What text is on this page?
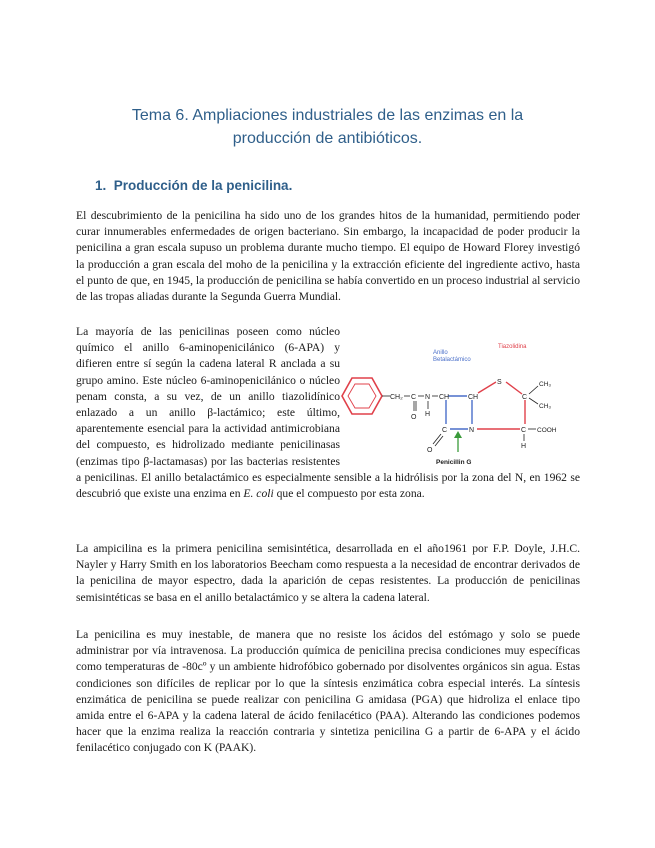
Tema 6. Ampliaciones industriales de las enzimas en la
producción de antibióticos.
1. Producción de la penicilina.

El descubrimiento de la penicilina ha sido uno de los grandes hitos de la humanidad, permitiendo poder curar innumerables enfermedades de origen bacteriano. Sin embargo, la incapacidad de poder producir la penicilina a gran escala supuso un problema durante mucho tiempo. El equipo de Howard Florey investigó la producción a gran escala del moho de la penicilina y la extracción eficiente del ingrediente activo, hasta el punto de que, en 1945, la producción de penicilina se había convertido en un proceso industrial al servicio de las tropas aliadas durante la Segunda Guerra Mundial.

Anillo
Betalactámico
Tiazolidina
CH₂ C
O
N
H
CH	CH
C	N
O
S
C
CH₃
CH₃
C
H
COOH
Penicillin G
La mayoría de las penicilinas poseen como núcleo químico el anillo 6-aminopenicilánico (6-APA) y difieren entre sí según la cadena lateral R anclada a su grupo amino. Este núcleo 6-aminopenicilánico o núcleo penam consta, a su vez, de un anillo tiazolidínico enlazado a un anillo β-lactámico; este último, aparentemente esencial para la actividad antimicrobiana del compuesto, es hidrolizado mediante penicilinasas (enzimas tipo β-lactamasas) por las bacterias resistentes a penicilinas. El anillo betalactámico es especialmente sensible a la hidrólisis por la zona del N, en 1962 se descubrió que existe una enzima en E. coli que el compuesto por esta zona.

La ampicilina es la primera penicilina semisintética, desarrollada en el año1961 por F.P. Doyle, J.H.C. Nayler y Harry Smith en los laboratorios Beecham como respuesta a la necesidad de encontrar derivados de la penicilina de mayor espectro, dada la aparición de cepas resistentes. La producción de penicilinas semisintéticas se basa en el anillo betalactámico y se altera la cadena lateral.

La penicilina es muy inestable, de manera que no resiste los ácidos del estómago y solo se puede administrar por vía intravenosa. La producción química de penicilina precisa condiciones muy específicas como temperaturas de -80cº y un ambiente hidrofóbico gobernado por disolventes orgánicos sin agua. Estas condiciones son difíciles de replicar por lo que la síntesis enzimática cobra especial interés. La síntesis enzimática de penicilina se puede realizar con penicilina G amidasa (PGA) que hidroliza el enlace tipo amida entre el 6-APA y la cadena lateral de ácido fenilacético (PAA). Alterando las condiciones podemos hacer que la enzima realiza la reacción contraria y sintetiza penicilina G a partir de 6-APA y el ácido fenilacético conjugado con K (PAAK).
